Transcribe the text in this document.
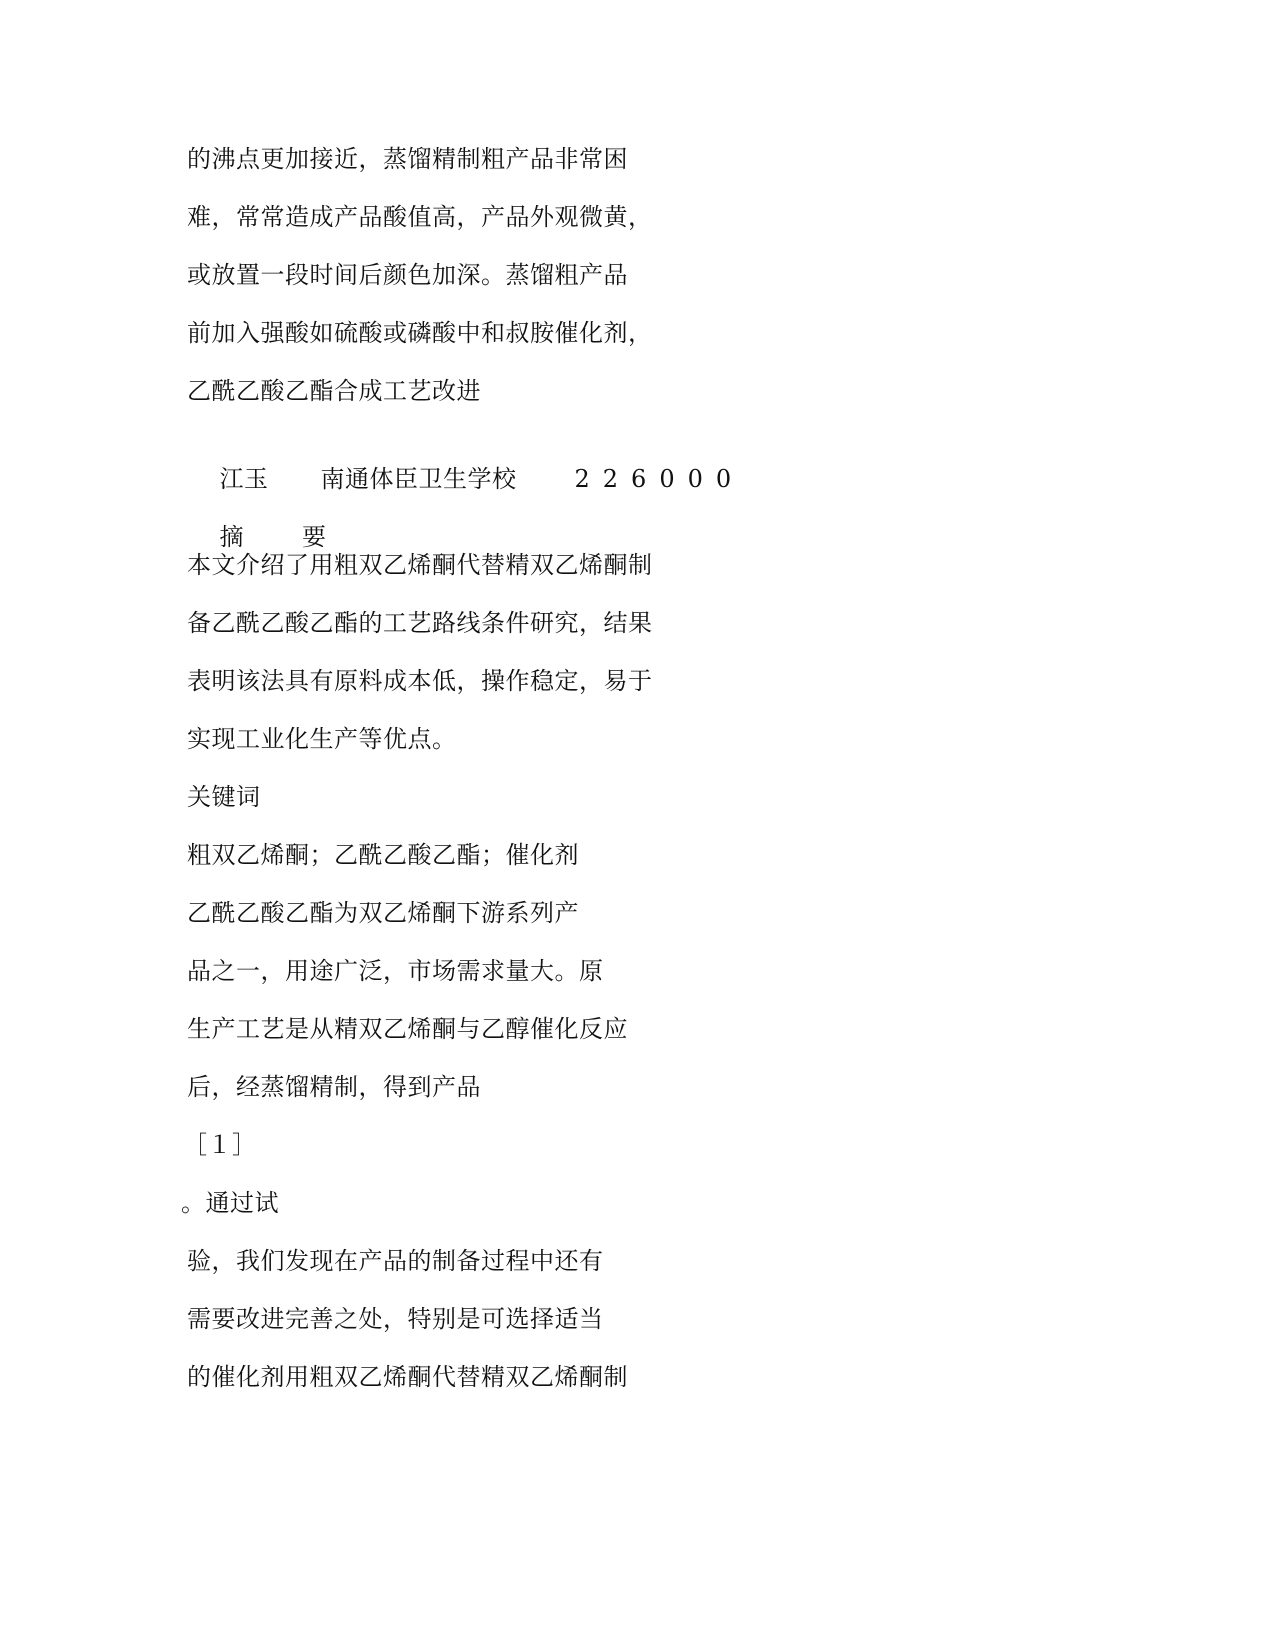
的沸点更加接近，蒸馏精制粗产品非常困
难，常常造成产品酸值高，产品外观微黄，
或放置一段时间后颜色加深。蒸馏粗产品
前加入强酸如硫酸或磷酸中和叔胺催化剂，
乙酰乙酸乙酯合成工艺改进

江玉 南通体臣卫生学校 226000

摘 要

本文介绍了用粗双乙烯酮代替精双乙烯酮制
备乙酰乙酸乙酯的工艺路线条件研究，结果
表明该法具有原料成本低，操作稳定，易于
实现工业化生产等优点。
关键词
粗双乙烯酮；乙酰乙酸乙酯；催化剂
乙酰乙酸乙酯为双乙烯酮下游系列产
品之一，用途广泛，市场需求量大。原
生产工艺是从精双乙烯酮与乙醇催化反应
后，经蒸馏精制，得到产品
［１］
。通过试
验，我们发现在产品的制备过程中还有
需要改进完善之处，特别是可选择适当
的催化剂用粗双乙烯酮代替精双乙烯酮制
